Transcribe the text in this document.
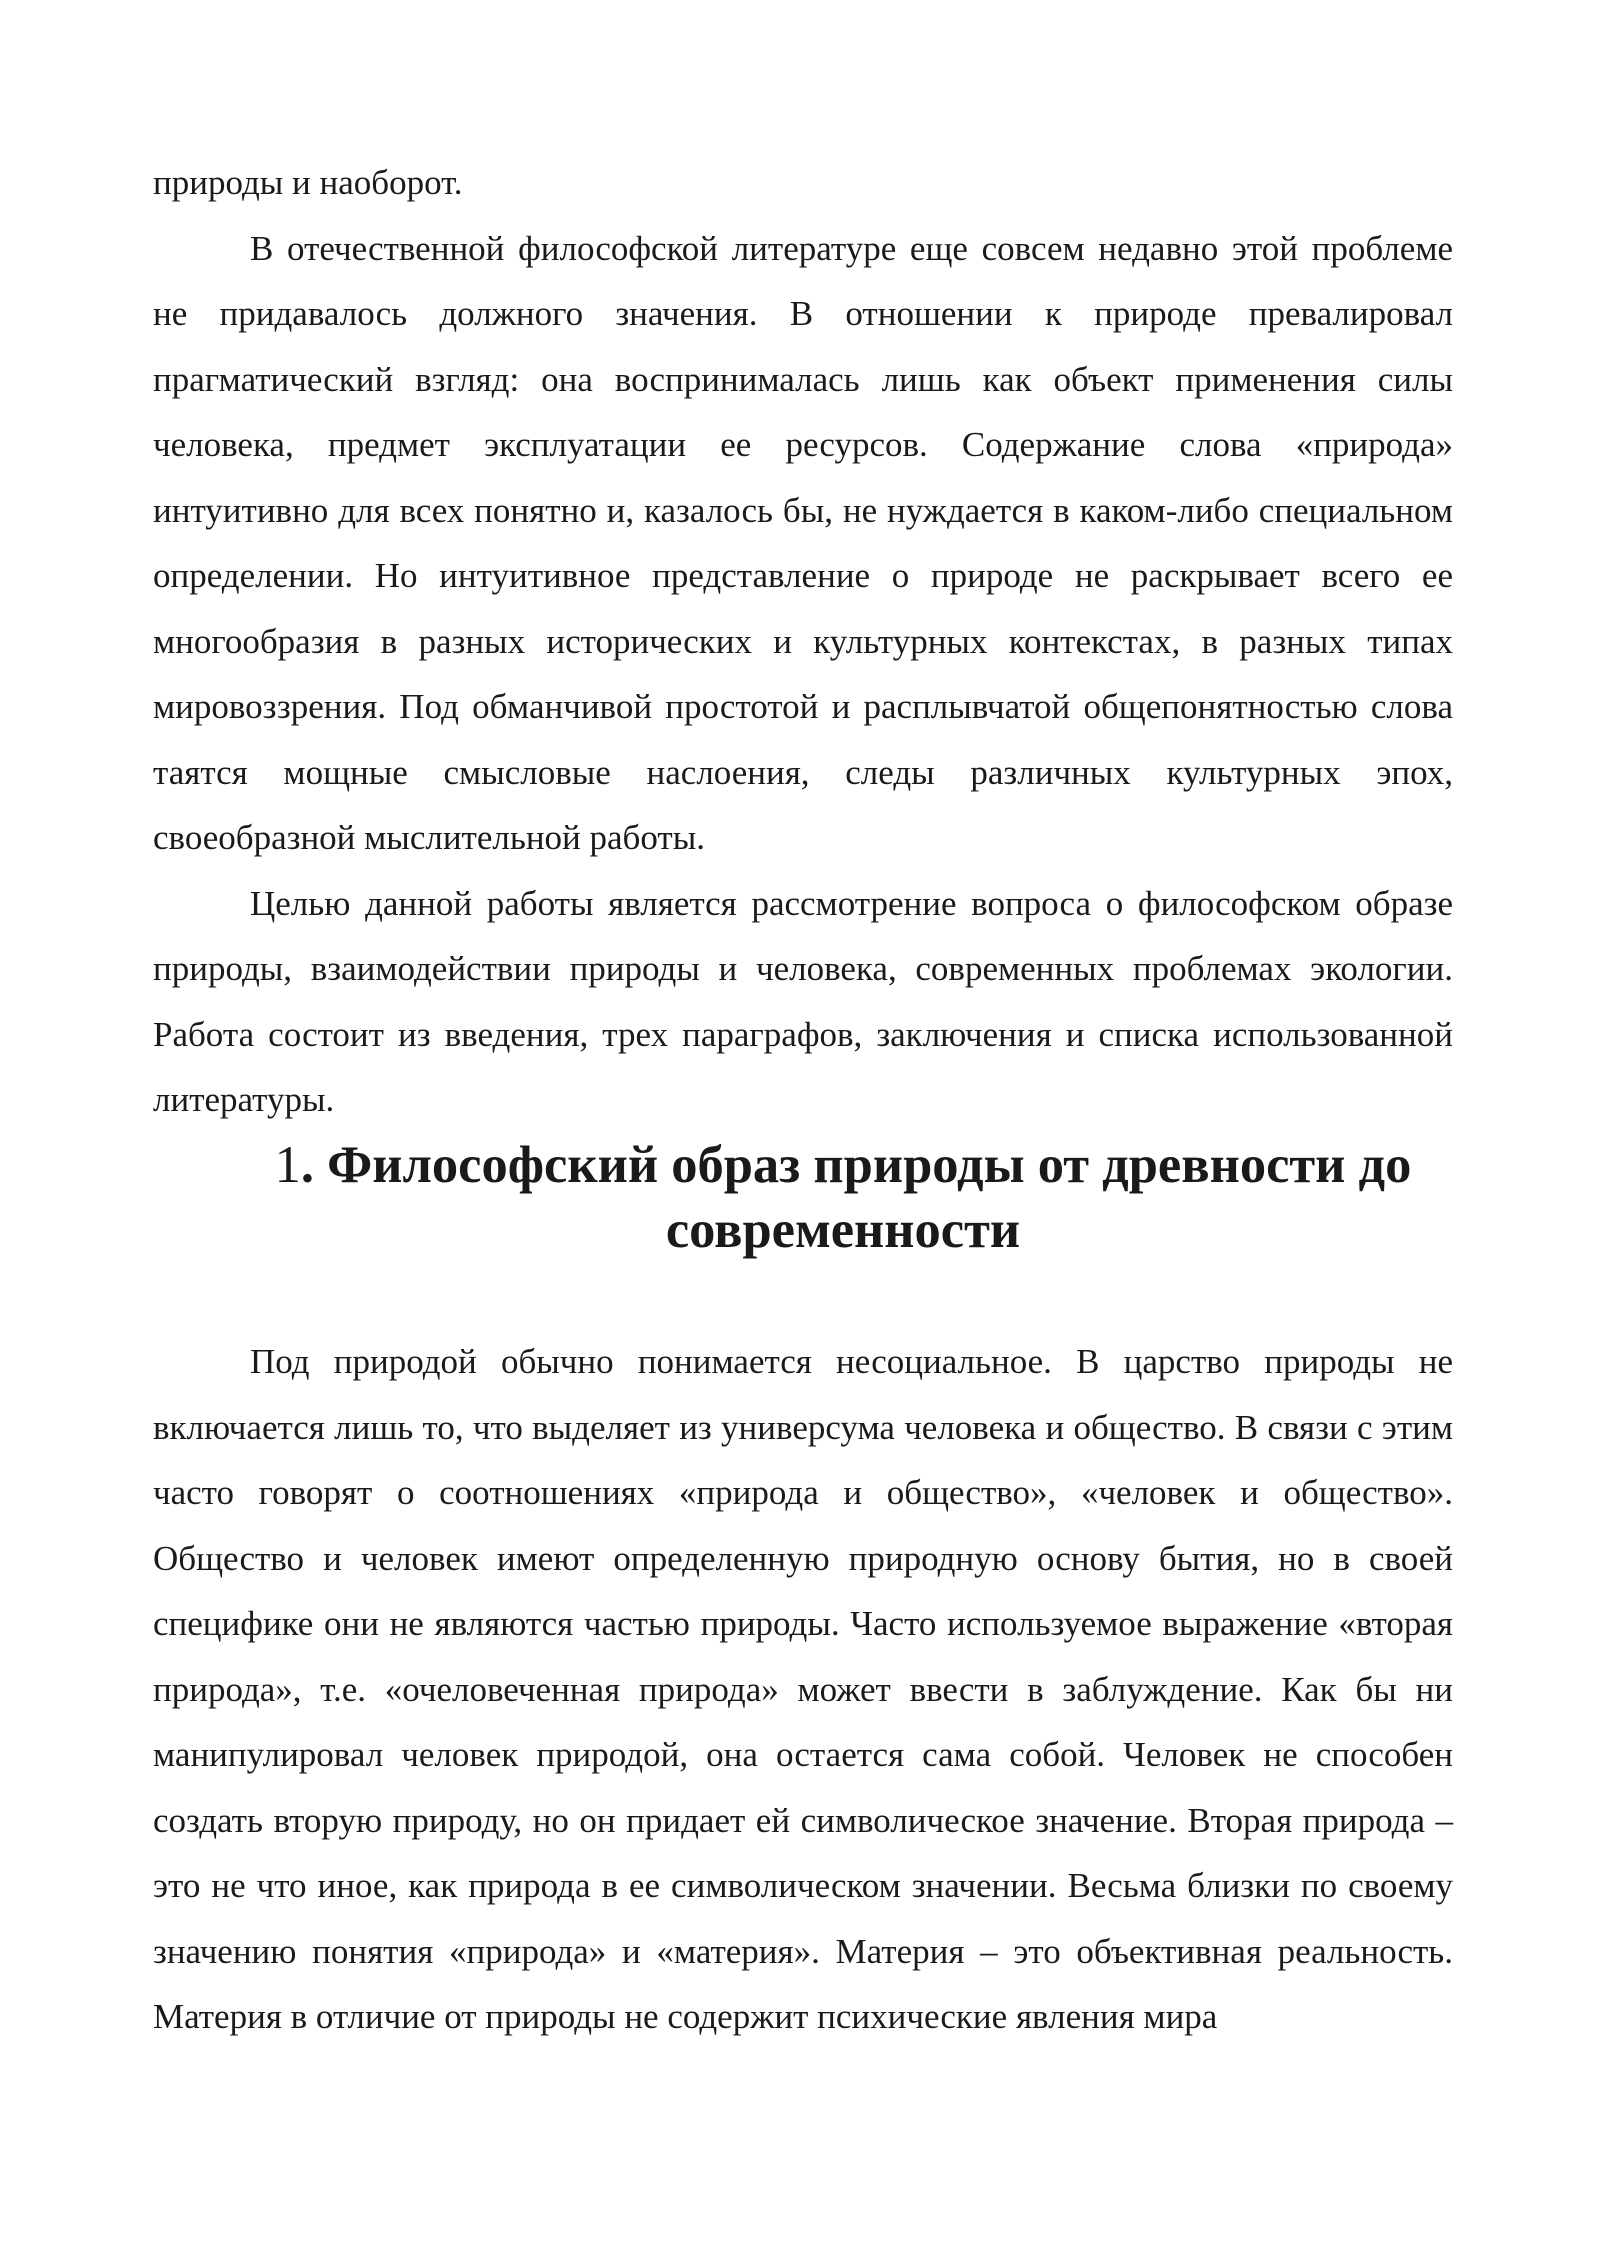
природы и наоборот.

В отечественной философской литературе еще совсем недавно этой проблеме не придавалось должного значения. В отношении к природе превалировал прагматический взгляд: она воспринималась лишь как объект применения силы человека, предмет эксплуатации ее ресурсов. Содержание слова «природа» интуитивно для всех понятно и, казалось бы, не нуждается в каком-либо специальном определении. Но интуитивное представление о природе не раскрывает всего ее многообразия в разных исторических и культурных контекстах, в разных типах мировоззрения. Под обманчивой простотой и расплывчатой общепонятностью слова таятся мощные смысловые наслоения, следы различных культурных эпох, своеобразной мыслительной работы.

Целью данной работы является рассмотрение вопроса о философском образе природы, взаимодействии природы и человека, современных проблемах экологии. Работа состоит из введения, трех параграфов, заключения и списка использованной литературы.

1. Философский образ природы от древности до современности

Под природой обычно понимается несоциальное. В царство природы не включается лишь то, что выделяет из универсума человека и общество. В связи с этим часто говорят о соотношениях «природа и общество», «человек и общество». Общество и человек имеют определенную природную основу бытия, но в своей специфике они не являются частью природы. Часто используемое выражение «вторая природа», т.е. «очеловеченная природа» может ввести в заблуждение. Как бы ни манипулировал человек природой, она остается сама собой. Человек не способен создать вторую природу, но он придает ей символическое значение. Вторая природа – это не что иное, как природа в ее символическом значении. Весьма близки по своему значению понятия «природа» и «материя». Материя – это объективная реальность. Материя в отличие от природы не содержит психические явления мира
